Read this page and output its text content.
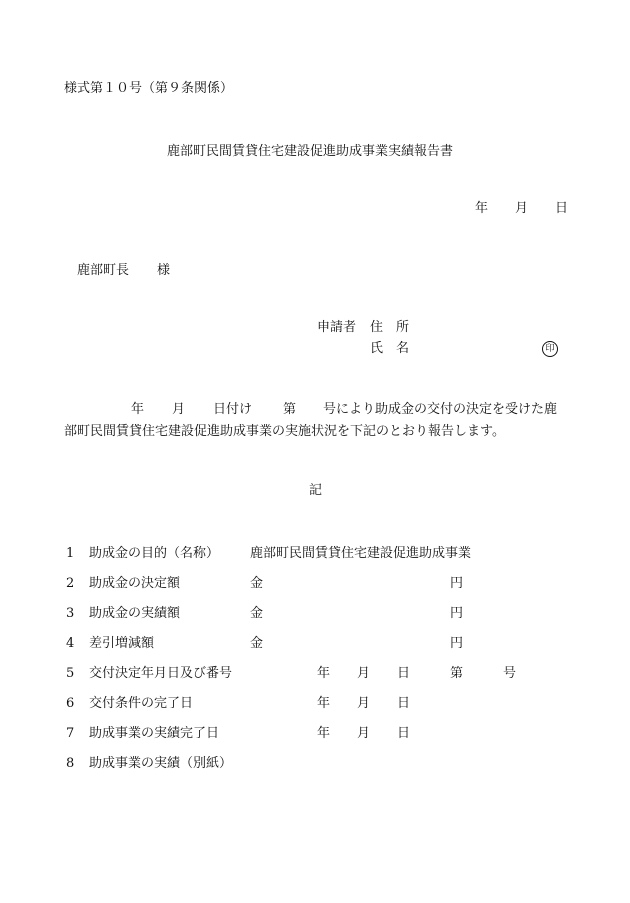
様式第１０号（第９条関係）
鹿部町民間賃貸住宅建設促進助成事業実績報告書
年 月 日
鹿部町長 様
申請者 住　所
氏　名	印
年 月 日付け 第 号により助成金の交付の決定を受けた鹿
部町民間賃貸住宅建設促進助成事業の実施状況を下記のとおり報告します。
記
1 助成金の目的（名称） 鹿部町民間賃貸住宅建設促進助成事業
2 助成金の決定額	金	円
3 助成金の実績額	金	円
4 差引増減額	金	円
5 交付決定年月日及び番号	年 月 日	第	号
6 交付条件の完了日	年 月 日
7 助成事業の実績完了日	年 月 日
8 助成事業の実績（別紙）
